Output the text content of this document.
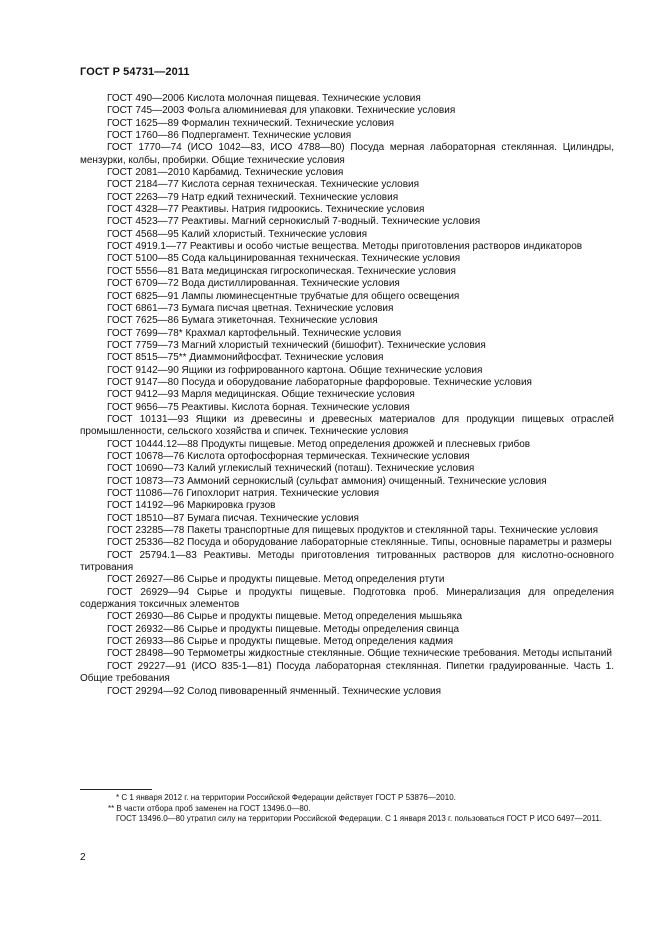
ГОСТ Р 54731—2011

ГОСТ 490—2006 Кислота молочная пищевая. Технические условия

ГОСТ 745—2003 Фольга алюминиевая для упаковки. Технические условия

ГОСТ 1625—89 Формалин технический. Технические условия

ГОСТ 1760—86 Подпергамент. Технические условия

ГОСТ 1770—74 (ИСО 1042—83, ИСО 4788—80) Посуда мерная лабораторная стеклянная. Цилиндры, мензурки, колбы, пробирки. Общие технические условия

ГОСТ 2081—2010 Карбамид. Технические условия

ГОСТ 2184—77 Кислота серная техническая. Технические условия

ГОСТ 2263—79 Натр едкий технический. Технические условия

ГОСТ 4328—77 Реактивы. Натрия гидроокись. Технические условия

ГОСТ 4523—77 Реактивы. Магний сернокислый 7-водный. Технические условия

ГОСТ 4568—95 Калий хлористый. Технические условия

ГОСТ 4919.1—77 Реактивы и особо чистые вещества. Методы приготовления растворов индикаторов

ГОСТ 5100—85 Сода кальцинированная техническая. Технические условия

ГОСТ 5556—81 Вата медицинская гигроскопическая. Технические условия

ГОСТ 6709—72 Вода дистиллированная. Технические условия

ГОСТ 6825—91 Лампы люминесцентные трубчатые для общего освещения

ГОСТ 6861—73 Бумага писчая цветная. Технические условия

ГОСТ 7625—86 Бумага этикеточная. Технические условия

ГОСТ 7699—78* Крахмал картофельный. Технические условия

ГОСТ 7759—73 Магний хлористый технический (бишофит). Технические условия

ГОСТ 8515—75** Диаммонийфосфат. Технические условия

ГОСТ 9142—90 Ящики из гофрированного картона. Общие технические условия

ГОСТ 9147—80 Посуда и оборудование лабораторные фарфоровые. Технические условия

ГОСТ 9412—93 Марля медицинская. Общие технические условия

ГОСТ 9656—75 Реактивы. Кислота борная. Технические условия

ГОСТ 10131—93 Ящики из древесины и древесных материалов для продукции пищевых отраслей промышленности, сельского хозяйства и спичек. Технические условия

ГОСТ 10444.12—88 Продукты пищевые. Метод определения дрожжей и плесневых грибов

ГОСТ 10678—76 Кислота ортофосфорная термическая. Технические условия

ГОСТ 10690—73 Калий углекислый технический (поташ). Технические условия

ГОСТ 10873—73 Аммоний сернокислый (сульфат аммония) очищенный. Технические условия

ГОСТ 11086—76 Гипохлорит натрия. Технические условия

ГОСТ 14192—96 Маркировка грузов

ГОСТ 18510—87 Бумага писчая. Технические условия

ГОСТ 23285—78 Пакеты транспортные для пищевых продуктов и стеклянной тары. Технические условия

ГОСТ 25336—82 Посуда и оборудование лабораторные стеклянные. Типы, основные параметры и размеры

ГОСТ 25794.1—83 Реактивы. Методы приготовления титрованных растворов для кислотно-основного титрования

ГОСТ 26927—86 Сырье и продукты пищевые. Метод определения ртути

ГОСТ 26929—94 Сырье и продукты пищевые. Подготовка проб. Минерализация для определения содержания токсичных элементов

ГОСТ 26930—86 Сырье и продукты пищевые. Метод определения мышьяка

ГОСТ 26932—86 Сырье и продукты пищевые. Методы определения свинца

ГОСТ 26933—86 Сырье и продукты пищевые. Метод определения кадмия

ГОСТ 28498—90 Термометры жидкостные стеклянные. Общие технические требования. Методы испытаний

ГОСТ 29227—91 (ИСО 835-1—81) Посуда лабораторная стеклянная. Пипетки градуированные. Часть 1. Общие требования

ГОСТ 29294—92 Солод пивоваренный ячменный. Технические условия

* С 1 января 2012 г. на территории Российской Федерации действует ГОСТ Р 53876—2010.

** В части отбора проб заменен на ГОСТ 13496.0—80.

ГОСТ 13496.0—80 утратил силу на территории Российской Федерации. С 1 января 2013 г. пользоваться ГОСТ Р ИСО 6497—2011.

2
